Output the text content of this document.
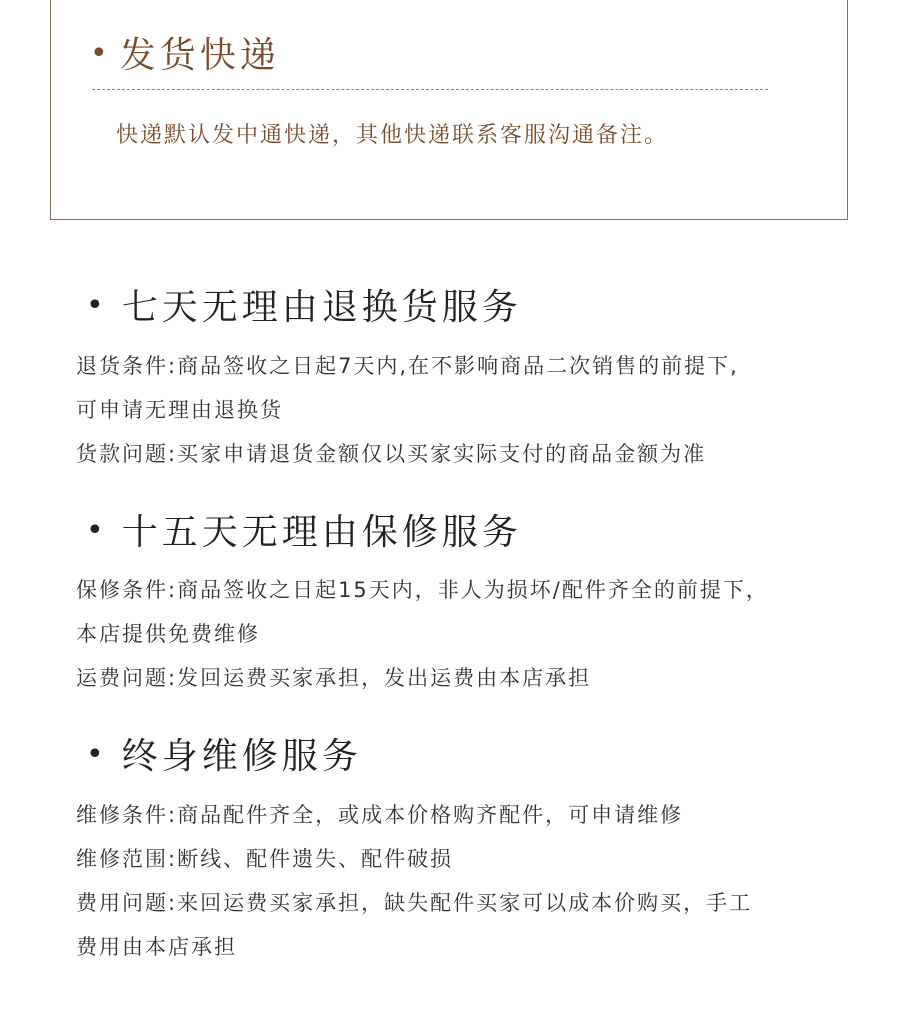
• 发货快递
快递默认发中通快递，其他快递联系客服沟通备注。
• 七天无理由退换货服务
退货条件:商品签收之日起7天内,在不影响商品二次销售的前提下,
可申请无理由退换货
货款问题:买家申请退货金额仅以买家实际支付的商品金额为准
• 十五天无理由保修服务
保修条件:商品签收之日起15天内，非人为损坏/配件齐全的前提下，
本店提供免费维修
运费问题:发回运费买家承担，发出运费由本店承担
• 终身维修服务
维修条件:商品配件齐全，或成本价格购齐配件，可申请维修
维修范围:断线、配件遗失、配件破损
费用问题:来回运费买家承担，缺失配件买家可以成本价购买，手工
费用由本店承担
